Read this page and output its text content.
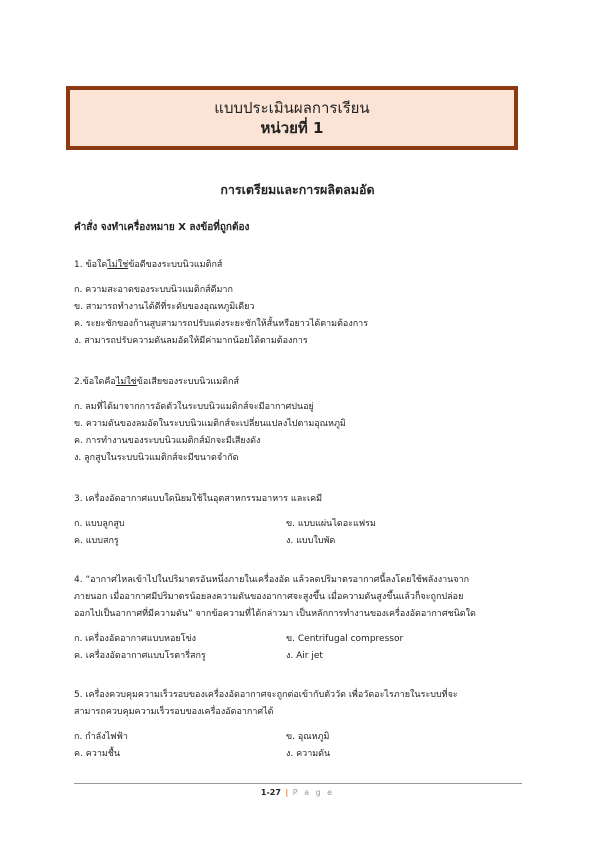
แบบประเมินผลการเรียน
หน่วยที่ 1
การเตรียมและการผลิตลมอัด
คำสั่ง จงทำเครื่องหมาย X ลงข้อที่ถูกต้อง
1. ข้อใดไม่ใช่ข้อดีของระบบนิวแมติกส์
ก. ความสะอาดของระบบนิวแมติกส์ดีมาก
ข. สามารถทำงานได้ดีที่ระดับของอุณหภูมิเดียว
ค. ระยะชักของก้านสูบสามารถปรับแต่งระยะชักให้สั้นหรือยาวได้ตามต้องการ
ง. สามารถปรับความดันลมอัดให้มีค่ามากน้อยได้ตามต้องการ
2.ข้อใดคือไม่ใช่ข้อเสียของระบบนิวแมติกส์
ก. ลมที่ได้มาจากการอัดตัวในระบบนิวแมติกส์จะมีอากาศปนอยู่
ข. ความดันของลมอัดในระบบนิวแมติกส์จะเปลี่ยนแปลงไปตามอุณหภูมิ
ค. การทำงานของระบบนิวแมติกส์มักจะมีเสียงดัง
ง. ลูกสูบในระบบนิวแมติกส์จะมีขนาดจำกัด
3. เครื่องอัดอากาศแบบใดนิยมใช้ในอุตสาหกรรมอาหาร และเคมี
ก. แบบลูกสูบ	ข. แบบแผ่นไดอะแฟรม
ค. แบบสกรู	ง. แบบใบพัด
4. “อากาศไหลเข้าไปในปริมาตรอันหนึ่งภายในเครื่องอัด แล้วลดปริมาตรอากาศนี้ลงโดยใช้พลังงานจาก
ภายนอก เมื่ออากาศมีปริมาตรน้อยลงความดันของอากาศจะสูงขึ้น เมื่อความดันสูงขึ้นแล้วก็จะถูกปล่อย
ออกไปเป็นอากาศที่มีความดัน” จากข้อความที่ได้กล่าวมา เป็นหลักการทำงานของเครื่องอัดอากาศชนิดใด
ก. เครื่องอัดอากาศแบบหอยโข่ง	ข. Centrifugal compressor
ค. เครื่องอัดอากาศแบบโรตารี่สกรู	ง. Air jet
5. เครื่องควบคุมความเร็วรอบของเครื่องอัดอากาศจะถูกต่อเข้ากับตัววัด เพื่อวัดอะไรภายในระบบที่จะ
สามารถควบคุมความเร็วรอบของเครื่องอัดอากาศได้
ก. กำลังไฟฟ้า	ข. อุณหภูมิ
ค. ความชื้น	ง. ความดัน
1-27 | P a g e
